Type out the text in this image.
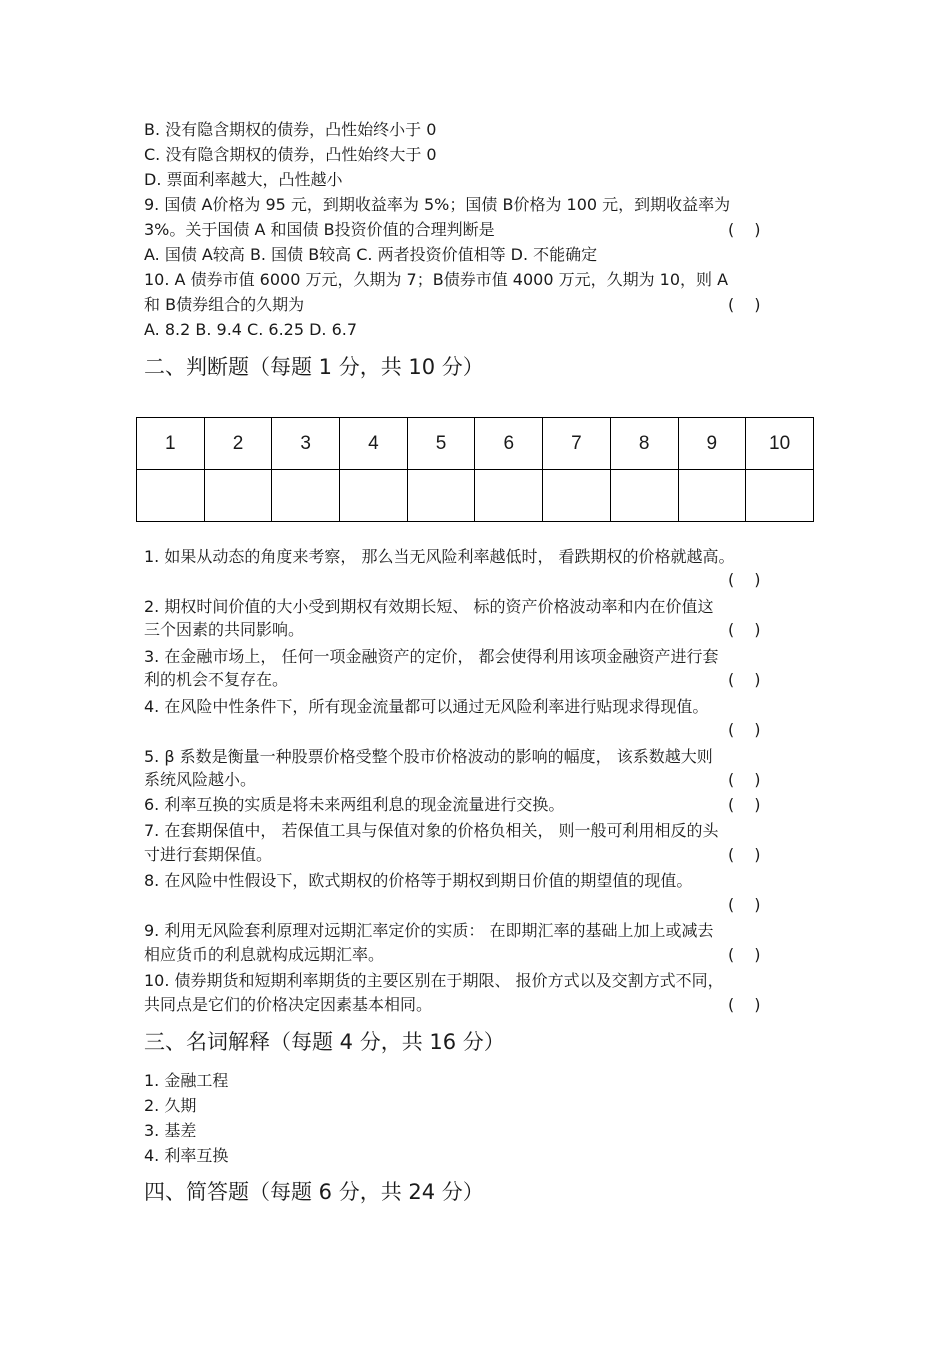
B. 没有隐含期权的债券，凸性始终小于 0
C. 没有隐含期权的债券，凸性始终大于 0
D. 票面利率越大，凸性越小
9. 国债 A价格为 95 元，到期收益率为 5%；国债 B价格为 100 元，到期收益率为
3%。关于国债 A 和国债 B投资价值的合理判断是	()
A. 国债 A较高 B. 国债 B较高 C. 两者投资价值相等 D. 不能确定
10. A 债券市值 6000 万元，久期为 7；B债券市值 4000 万元，久期为 10，则 A
和 B债券组合的久期为	()
A. 8.2 B. 9.4 C. 6.25 D. 6.7
二、判断题（每题 1 分，共 10 分）
1	2	3	4	5	6	7	8	9	10

1. 如果从动态的角度来考察， 那么当无风险利率越低时， 看跌期权的价格就越高。
()
2. 期权时间价值的大小受到期权有效期长短、 标的资产价格波动率和内在价值这
三个因素的共同影响。	()
3. 在金融市场上， 任何一项金融资产的定价， 都会使得利用该项金融资产进行套
利的机会不复存在。	()
4. 在风险中性条件下，所有现金流量都可以通过无风险利率进行贴现求得现值。
()
5. β 系数是衡量一种股票价格受整个股市价格波动的影响的幅度， 该系数越大则
系统风险越小。	()
6. 利率互换的实质是将未来两组利息的现金流量进行交换。	()
7. 在套期保值中， 若保值工具与保值对象的价格负相关， 则一般可利用相反的头
寸进行套期保值。	()
8. 在风险中性假设下，欧式期权的价格等于期权到期日价值的期望值的现值。
()
9. 利用无风险套利原理对远期汇率定价的实质： 在即期汇率的基础上加上或减去
相应货币的利息就构成远期汇率。	()
10. 债券期货和短期利率期货的主要区别在于期限、 报价方式以及交割方式不同，
共同点是它们的价格决定因素基本相同。	()
三、名词解释（每题 4 分，共 16 分）
1. 金融工程
2. 久期
3. 基差
4. 利率互换
四、简答题（每题 6 分，共 24 分）
